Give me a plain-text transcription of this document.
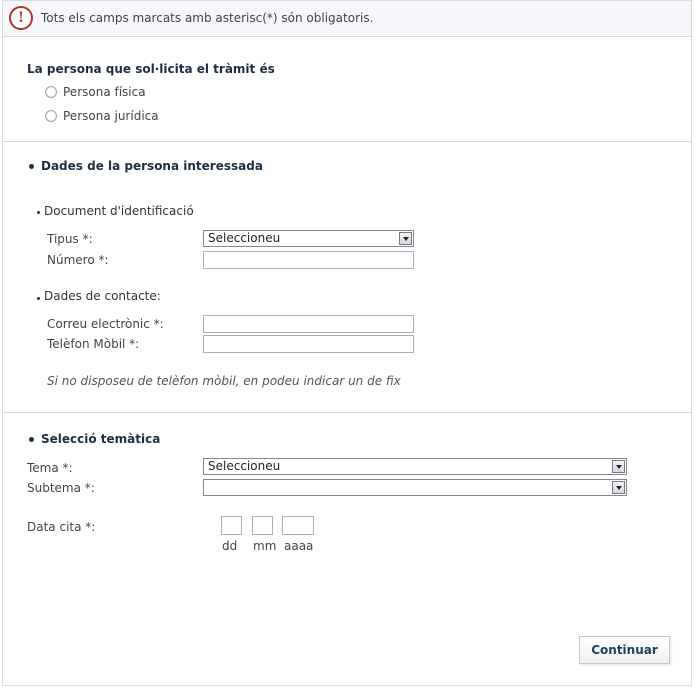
!	Tots els camps marcats amb asterisc(*) són obligatoris.
La persona que sol·licita el tràmit és
Persona física
Persona jurídica
Dades de la persona interessada
Document d'identificació
Tipus *:	Seleccioneu
Número *:
Dades de contacte:
Correu electrònic *:
Telèfon Mòbil *:
Si no disposeu de telèfon mòbil, en podeu indicar un de fix
Selecció temàtica
Tema *:	Seleccioneu
Subtema *:
Data cita *:
dd mm aaaa
Continuar
